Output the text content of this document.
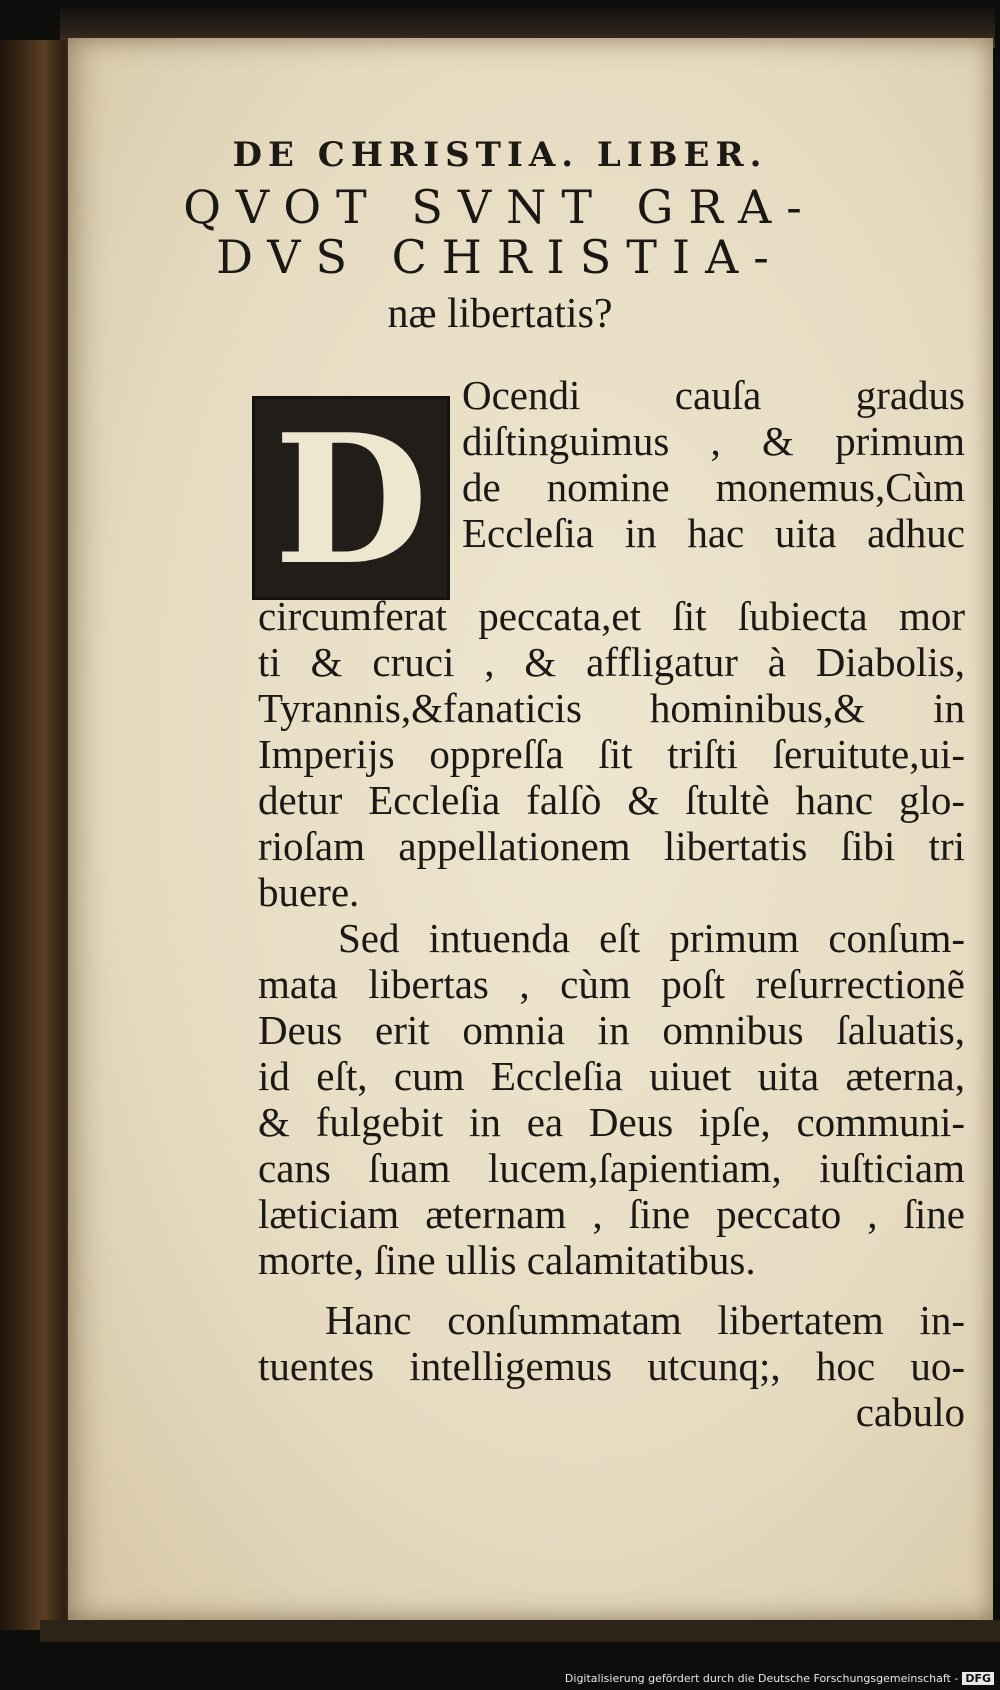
DE CHRISTIA. LIBER.
QVOT SVNT GRA-
DVS CHRISTIA-
næ libertatis?
D Ocendi cauſa gradus
diſtinguimus , & primum
de nomine monemus,Cùm
Eccleſia in hac uita adhuc
circumferat peccata,et ſit ſubiecta mor
ti & cruci , & affligatur à Diabolis,
Tyrannis,&fanaticis hominibus,& in
Imperijs oppreſſa ſit triſti ſeruitute,ui-
detur Eccleſia falſò & ſtultè hanc glo-
rioſam appellationem libertatis ſibi tri
buere.
Sed intuenda eſt primum conſum-
mata libertas , cùm poſt reſurrectionẽ
Deus erit omnia in omnibus ſaluatis,
id eſt, cum Eccleſia uiuet uita æterna,
& fulgebit in ea Deus ipſe, communi-
cans ſuam lucem,ſapientiam, iuſticiam
læticiam æternam , ſine peccato , ſine
morte, ſine ullis calamitatibus.
Hanc conſummatam libertatem in-
tuentes intelligemus utcunq;, hoc uo-
cabulo
Digitalisierung gefördert durch die Deutsche Forschungsgemeinschaft - DFG
